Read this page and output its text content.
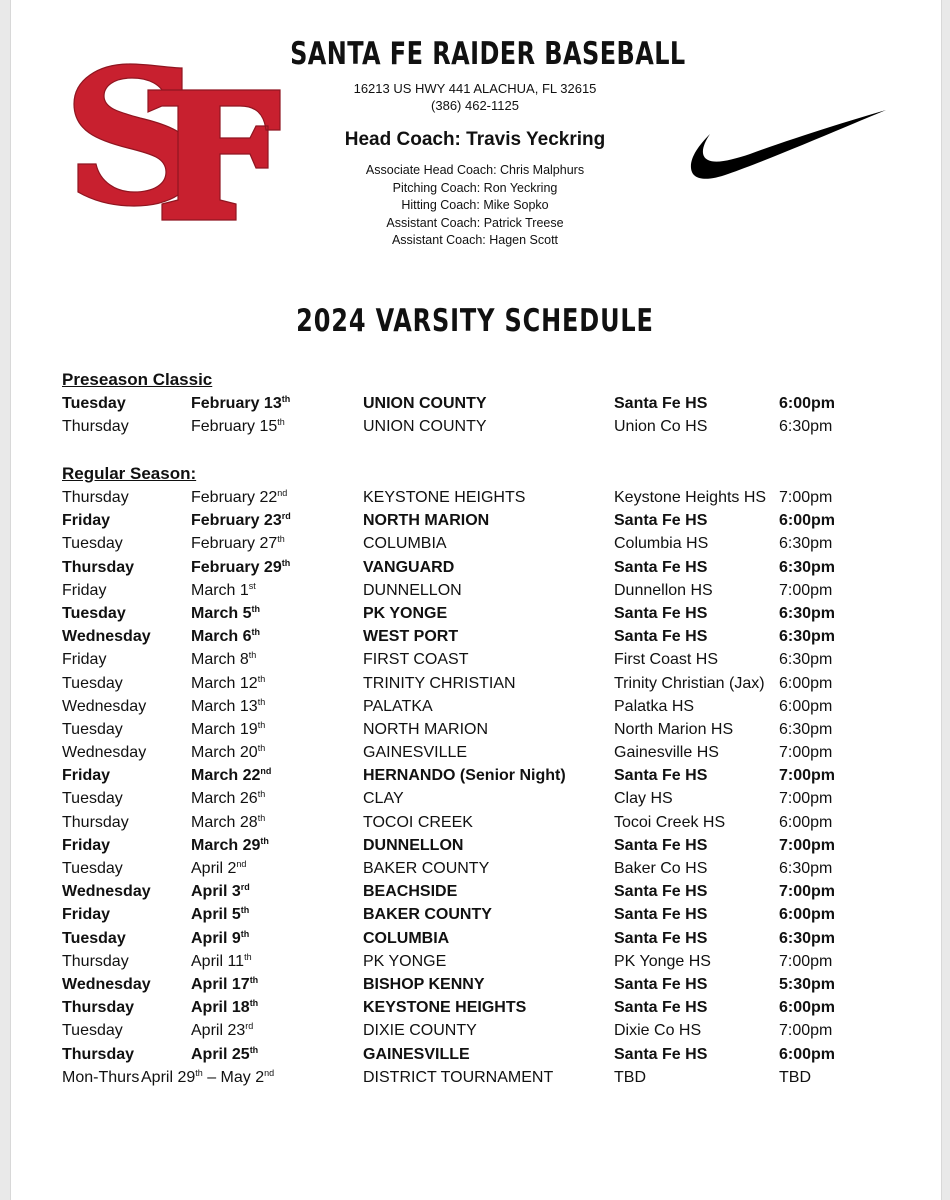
SANTA FE RAIDER BASEBALL
16213 US HWY 441 ALACHUA, FL 32615
(386) 462-1125
Head Coach: Travis Yeckring
Associate Head Coach: Chris Malphurs
Pitching Coach: Ron Yeckring
Hitting Coach: Mike Sopko
Assistant Coach: Patrick Treese
Assistant Coach: Hagen Scott
2024 VARSITY SCHEDULE
Preseason Classic
Tuesday	February 13th	UNION COUNTY	Santa Fe HS	6:00pm
Thursday	February 15th	UNION COUNTY	Union Co HS	6:30pm
Regular Season:
Thursday	February 22nd	KEYSTONE HEIGHTS	Keystone Heights HS 7:00pm
Friday	February 23rd	NORTH MARION	Santa Fe HS	6:00pm
Tuesday	February 27th	COLUMBIA	Columbia HS	6:30pm
Thursday	February 29th	VANGUARD	Santa Fe HS	6:30pm
Friday	March 1st	DUNNELLON	Dunnellon HS	7:00pm
Tuesday	March 5th	PK YONGE	Santa Fe HS	6:30pm
Wednesday	March 6th	WEST PORT	Santa Fe HS	6:30pm
Friday	March 8th	FIRST COAST	First Coast HS	6:30pm
Tuesday	March 12th	TRINITY CHRISTIAN	Trinity Christian (Jax) 6:00pm
Wednesday	March 13th	PALATKA	Palatka HS	6:00pm
Tuesday	March 19th	NORTH MARION	North Marion HS	6:30pm
Wednesday	March 20th	GAINESVILLE	Gainesville HS	7:00pm
Friday	March 22nd	HERNANDO (Senior Night)	Santa Fe HS	7:00pm
Tuesday	March 26th	CLAY	Clay HS	7:00pm
Thursday	March 28th	TOCOI CREEK	Tocoi Creek HS	6:00pm
Friday	March 29th	DUNNELLON	Santa Fe HS	7:00pm
Tuesday	April 2nd	BAKER COUNTY	Baker Co HS	6:30pm
Wednesday	April 3rd	BEACHSIDE	Santa Fe HS	7:00pm
Friday	April 5th	BAKER COUNTY	Santa Fe HS	6:00pm
Tuesday	April 9th	COLUMBIA	Santa Fe HS	6:30pm
Thursday	April 11th	PK YONGE	PK Yonge HS	7:00pm
Wednesday	April 17th	BISHOP KENNY	Santa Fe HS	5:30pm
Thursday	April 18th	KEYSTONE HEIGHTS	Santa Fe HS	6:00pm
Tuesday	April 23rd	DIXIE COUNTY	Dixie Co HS	7:00pm
Thursday	April 25th	GAINESVILLE	Santa Fe HS	6:00pm
Mon-Thurs April 29th – May 2nd	DISTRICT TOURNAMENT	TBD	TBD
